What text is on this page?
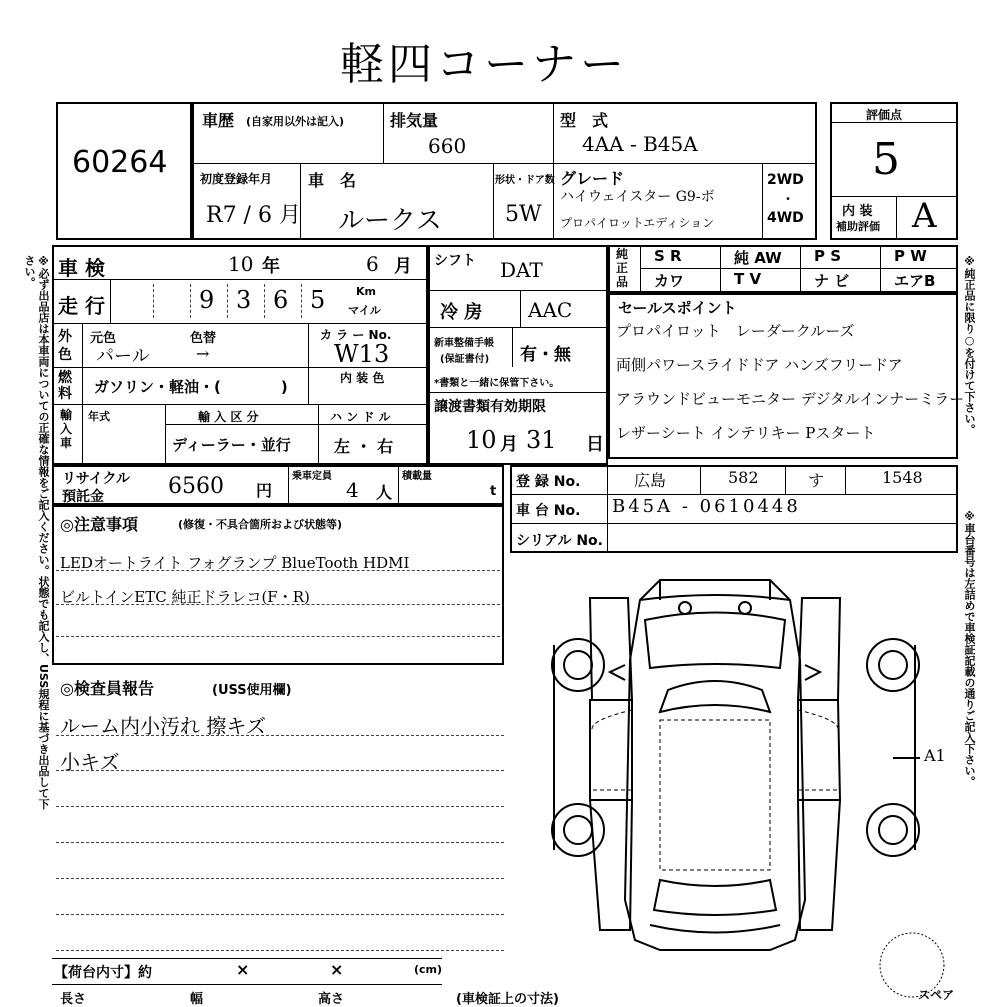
軽四コーナー
※必ず出品店は本車両についての正確な情報をご記入ください。状態でも記入し、USS規程に基づき出品して下さい。	※純正品に限り○を付けて下さい。
※車台番号は左詰めで車検証記載の通りご記入下さい。
60264
車歴 (自家用以外は記入)	排気量
660
型　式
4AA - B45A
初度登録年月
R7 / 6 月
車　名
ルークス
形状・ドア数
5W
グレード
ハイウェイスター G9-ボ
プロパイロットエディション
2WD
・
4WD
評価点
5
内 装
補助評価 A
車 検	10 年	6 月
走 行	9 3 6 5	Km
マイル
外色
元色	色替
パール	→
カ ラ ー No.
W13
燃料	ガソリン・軽油・(　　　　)	内 装 色
輸入車
年式	輸 入 区 分
ディーラー・並行
ハ ン ド ル
左 ・ 右
シフト DAT
冷 房 AAC
新車整備手帳
(保証書付) 有・無
*書類と一緒に保管下さい。
譲渡書類有効期限
10 月 31 日
純正品
S R	純 AW P S	P W
カワ	T V	ナ ビ	エアB
セールスポイント
プロパイロット　レーダークルーズ
両側パワースライドドア ハンズフリードア
アラウンドビューモニター デジタルインナーミラー
レザーシート インテリキー Pスタート
リサイクル
預託金	6560 円
乗車定員
4 人
積載量
t
登 録 No.	広島	582	す	1548
車 台 No. B45A - 0610448
シリアル No.
◎注意事項	(修復・不具合箇所および状態等)
LEDオートライト フォグランプ BlueTooth HDMI
ビルトインETC 純正ドラレコ(F・R)
◎検査員報告	(USS使用欄)
ルーム内小汚れ 擦キズ
小キズ	A1
スペア
【荷台内寸】約	×	×	(cm)
長さ	幅	高さ	(車検証上の寸法)
